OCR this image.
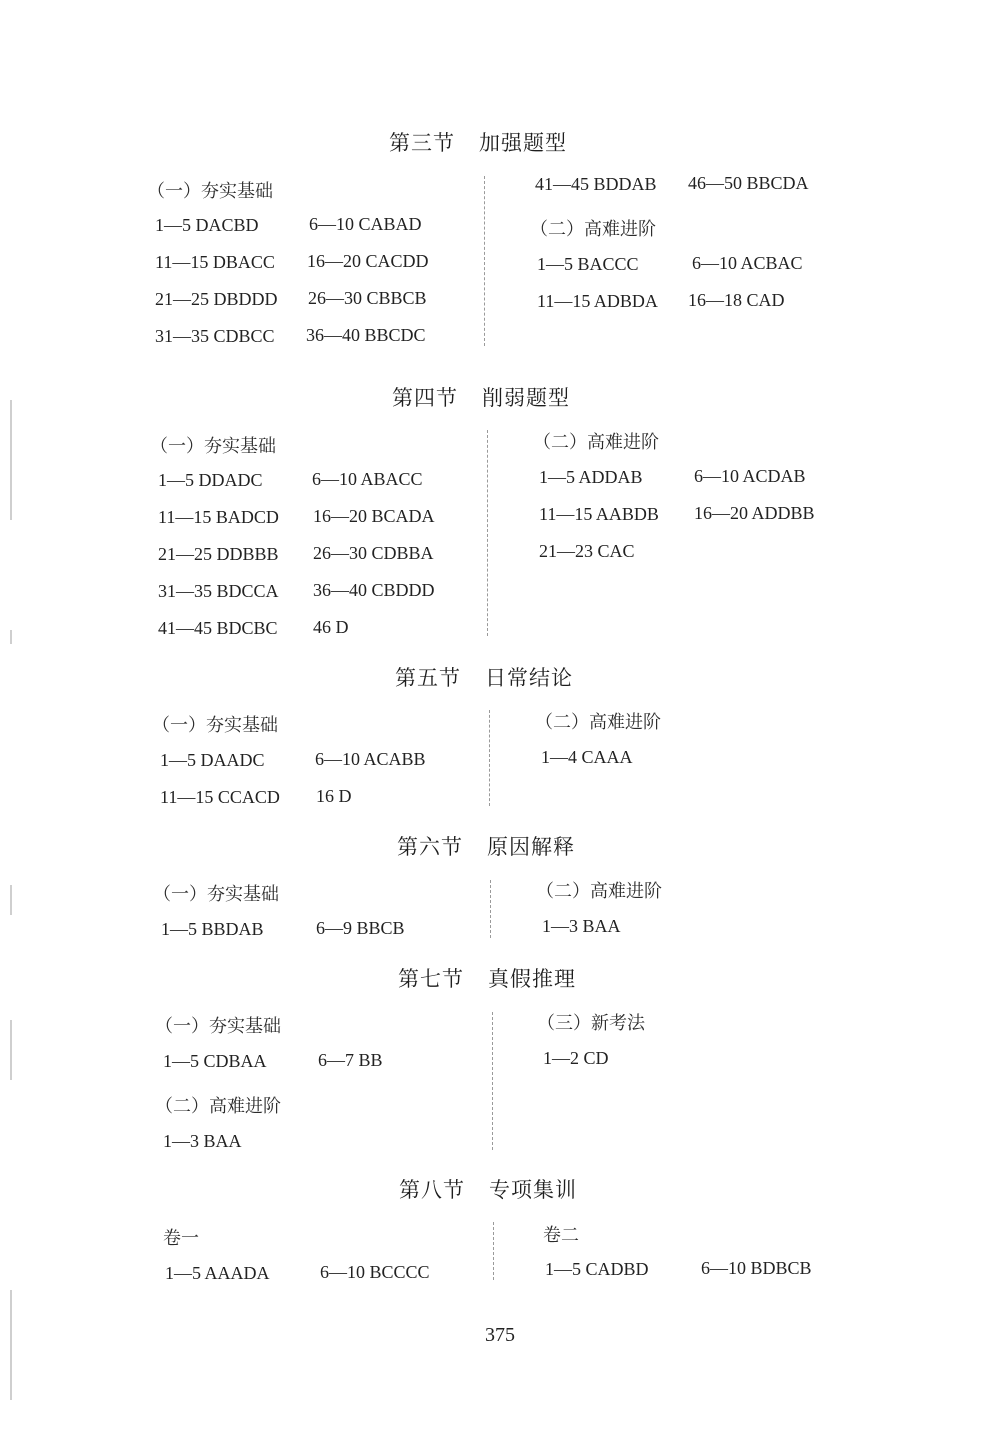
第三节 加强题型
（一）夯实基础
1—5 DACBD	6—10 CABAD
11—15 DBACC 16—20 CACDD
21—25 DBDDD 26—30 CBBCB
31—35 CDBCC 36—40 BBCDC
41—45 BDDAB 46—50 BBCDA
（二）高难进阶
1—5 BACCC	6—10 ACBAC
11—15 ADBDA 16—18 CAD
第四节 削弱题型
（一）夯实基础
1—5 DDADC	6—10 ABACC
11—15 BADCD 16—20 BCADA
21—25 DDBBB 26—30 CDBBA
31—35 BDCCA 36—40 CBDDD
41—45 BDCBC 46 D
（二）高难进阶
1—5 ADDAB	6—10 ACDAB
11—15 AABDB 16—20 ADDBB
21—23 CAC
第五节 日常结论
（一）夯实基础
1—5 DAADC	6—10 ACABB
11—15 CCACD 16 D
（二）高难进阶
1—4 CAAA
第六节 原因解释
（一）夯实基础
1—5 BBDAB	6—9 BBCB
（二）高难进阶
1—3 BAA
第七节 真假推理
（一）夯实基础
1—5 CDBAA	6—7 BB
（二）高难进阶
1—3 BAA
（三）新考法
1—2 CD
第八节 专项集训
卷一
1—5 AAADA	6—10 BCCCC
卷二
1—5 CADBD	6—10 BDBCB
375
